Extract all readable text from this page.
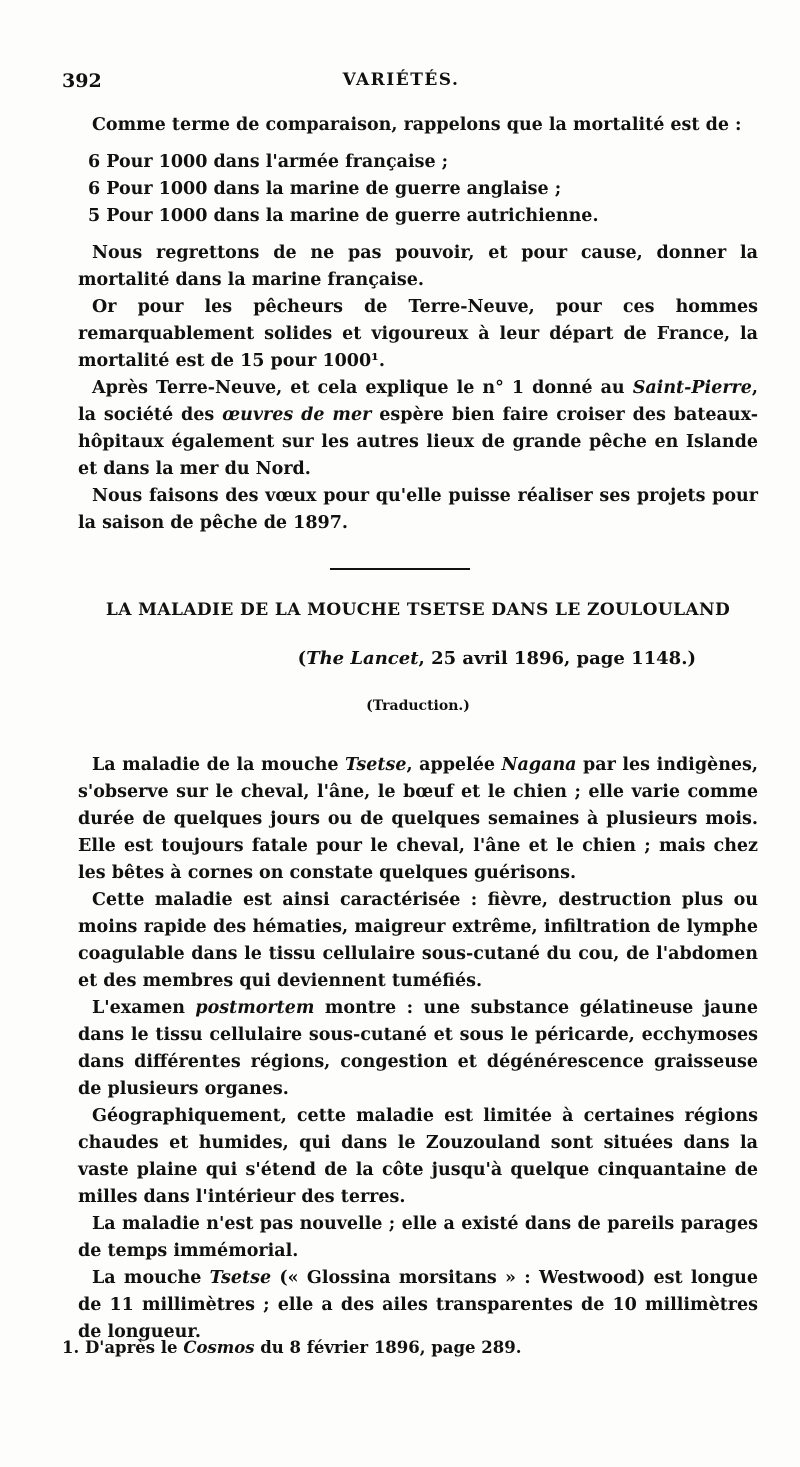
392	VARIÉTÉS.

Comme terme de comparaison, rappelons que la mortalité est de :

6 Pour 1000 dans l'armée française ;
6 Pour 1000 dans la marine de guerre anglaise ;
5 Pour 1000 dans la marine de guerre autrichienne.

Nous regrettons de ne pas pouvoir, et pour cause, donner la mortalité dans la marine française.

Or pour les pêcheurs de Terre-Neuve, pour ces hommes remarquablement solides et vigoureux à leur départ de France, la mortalité est de 15 pour 1000¹.

Après Terre-Neuve, et cela explique le n° 1 donné au Saint-Pierre, la société des œuvres de mer espère bien faire croiser des bateaux-hôpitaux également sur les autres lieux de grande pêche en Islande et dans la mer du Nord.

Nous faisons des vœux pour qu'elle puisse réaliser ses projets pour la saison de pêche de 1897.

LA MALADIE DE LA MOUCHE TSETSE DANS LE ZOULOULAND
(The Lancet, 25 avril 1896, page 1148.)
(Traduction.)

La maladie de la mouche Tsetse, appelée Nagana par les indigènes, s'observe sur le cheval, l'âne, le bœuf et le chien ; elle varie comme durée de quelques jours ou de quelques semaines à plusieurs mois. Elle est toujours fatale pour le cheval, l'âne et le chien ; mais chez les bêtes à cornes on constate quelques guérisons.

Cette maladie est ainsi caractérisée : fièvre, destruction plus ou moins rapide des hématies, maigreur extrême, infiltration de lymphe coagulable dans le tissu cellulaire sous-cutané du cou, de l'abdomen et des membres qui deviennent tuméfiés.

L'examen postmortem montre : une substance gélatineuse jaune dans le tissu cellulaire sous-cutané et sous le péricarde, ecchymoses dans différentes régions, congestion et dégénérescence graisseuse de plusieurs organes.

Géographiquement, cette maladie est limitée à certaines régions chaudes et humides, qui dans le Zouzouland sont situées dans la vaste plaine qui s'étend de la côte jusqu'à quelque cinquantaine de milles dans l'intérieur des terres.

La maladie n'est pas nouvelle ; elle a existé dans de pareils parages de temps immémorial.

La mouche Tsetse (« Glossina morsitans » : Westwood) est longue de 11 millimètres ; elle a des ailes transparentes de 10 millimètres de longueur.

1. D'après le Cosmos du 8 février 1896, page 289.
